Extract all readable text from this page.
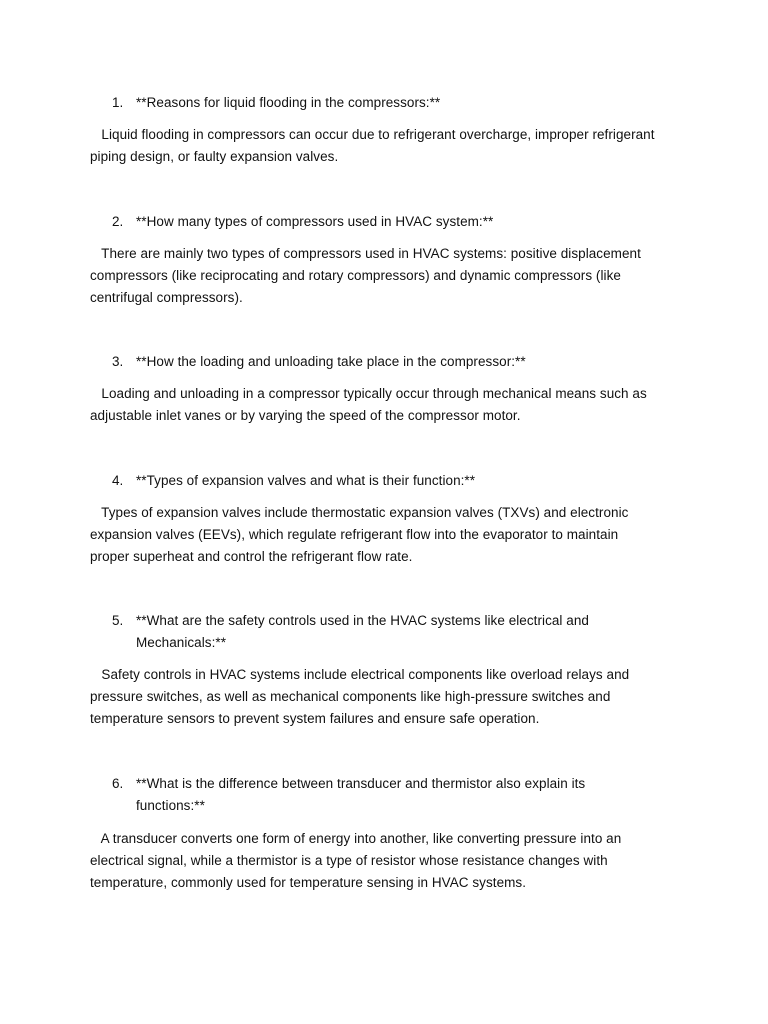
1. **Reasons for liquid flooding in the compressors:**
Liquid flooding in compressors can occur due to refrigerant overcharge, improper refrigerant
piping design, or faulty expansion valves.
2. **How many types of compressors used in HVAC system:**
There are mainly two types of compressors used in HVAC systems: positive displacement
compressors (like reciprocating and rotary compressors) and dynamic compressors (like
centrifugal compressors).
3. **How the loading and unloading take place in the compressor:**
Loading and unloading in a compressor typically occur through mechanical means such as
adjustable inlet vanes or by varying the speed of the compressor motor.
4. **Types of expansion valves and what is their function:**
Types of expansion valves include thermostatic expansion valves (TXVs) and electronic
expansion valves (EEVs), which regulate refrigerant flow into the evaporator to maintain
proper superheat and control the refrigerant flow rate.
5. **What are the safety controls used in the HVAC systems like electrical and
Mechanicals:**
Safety controls in HVAC systems include electrical components like overload relays and
pressure switches, as well as mechanical components like high-pressure switches and
temperature sensors to prevent system failures and ensure safe operation.
6. **What is the difference between transducer and thermistor also explain its
functions:**
A transducer converts one form of energy into another, like converting pressure into an
electrical signal, while a thermistor is a type of resistor whose resistance changes with
temperature, commonly used for temperature sensing in HVAC systems.
